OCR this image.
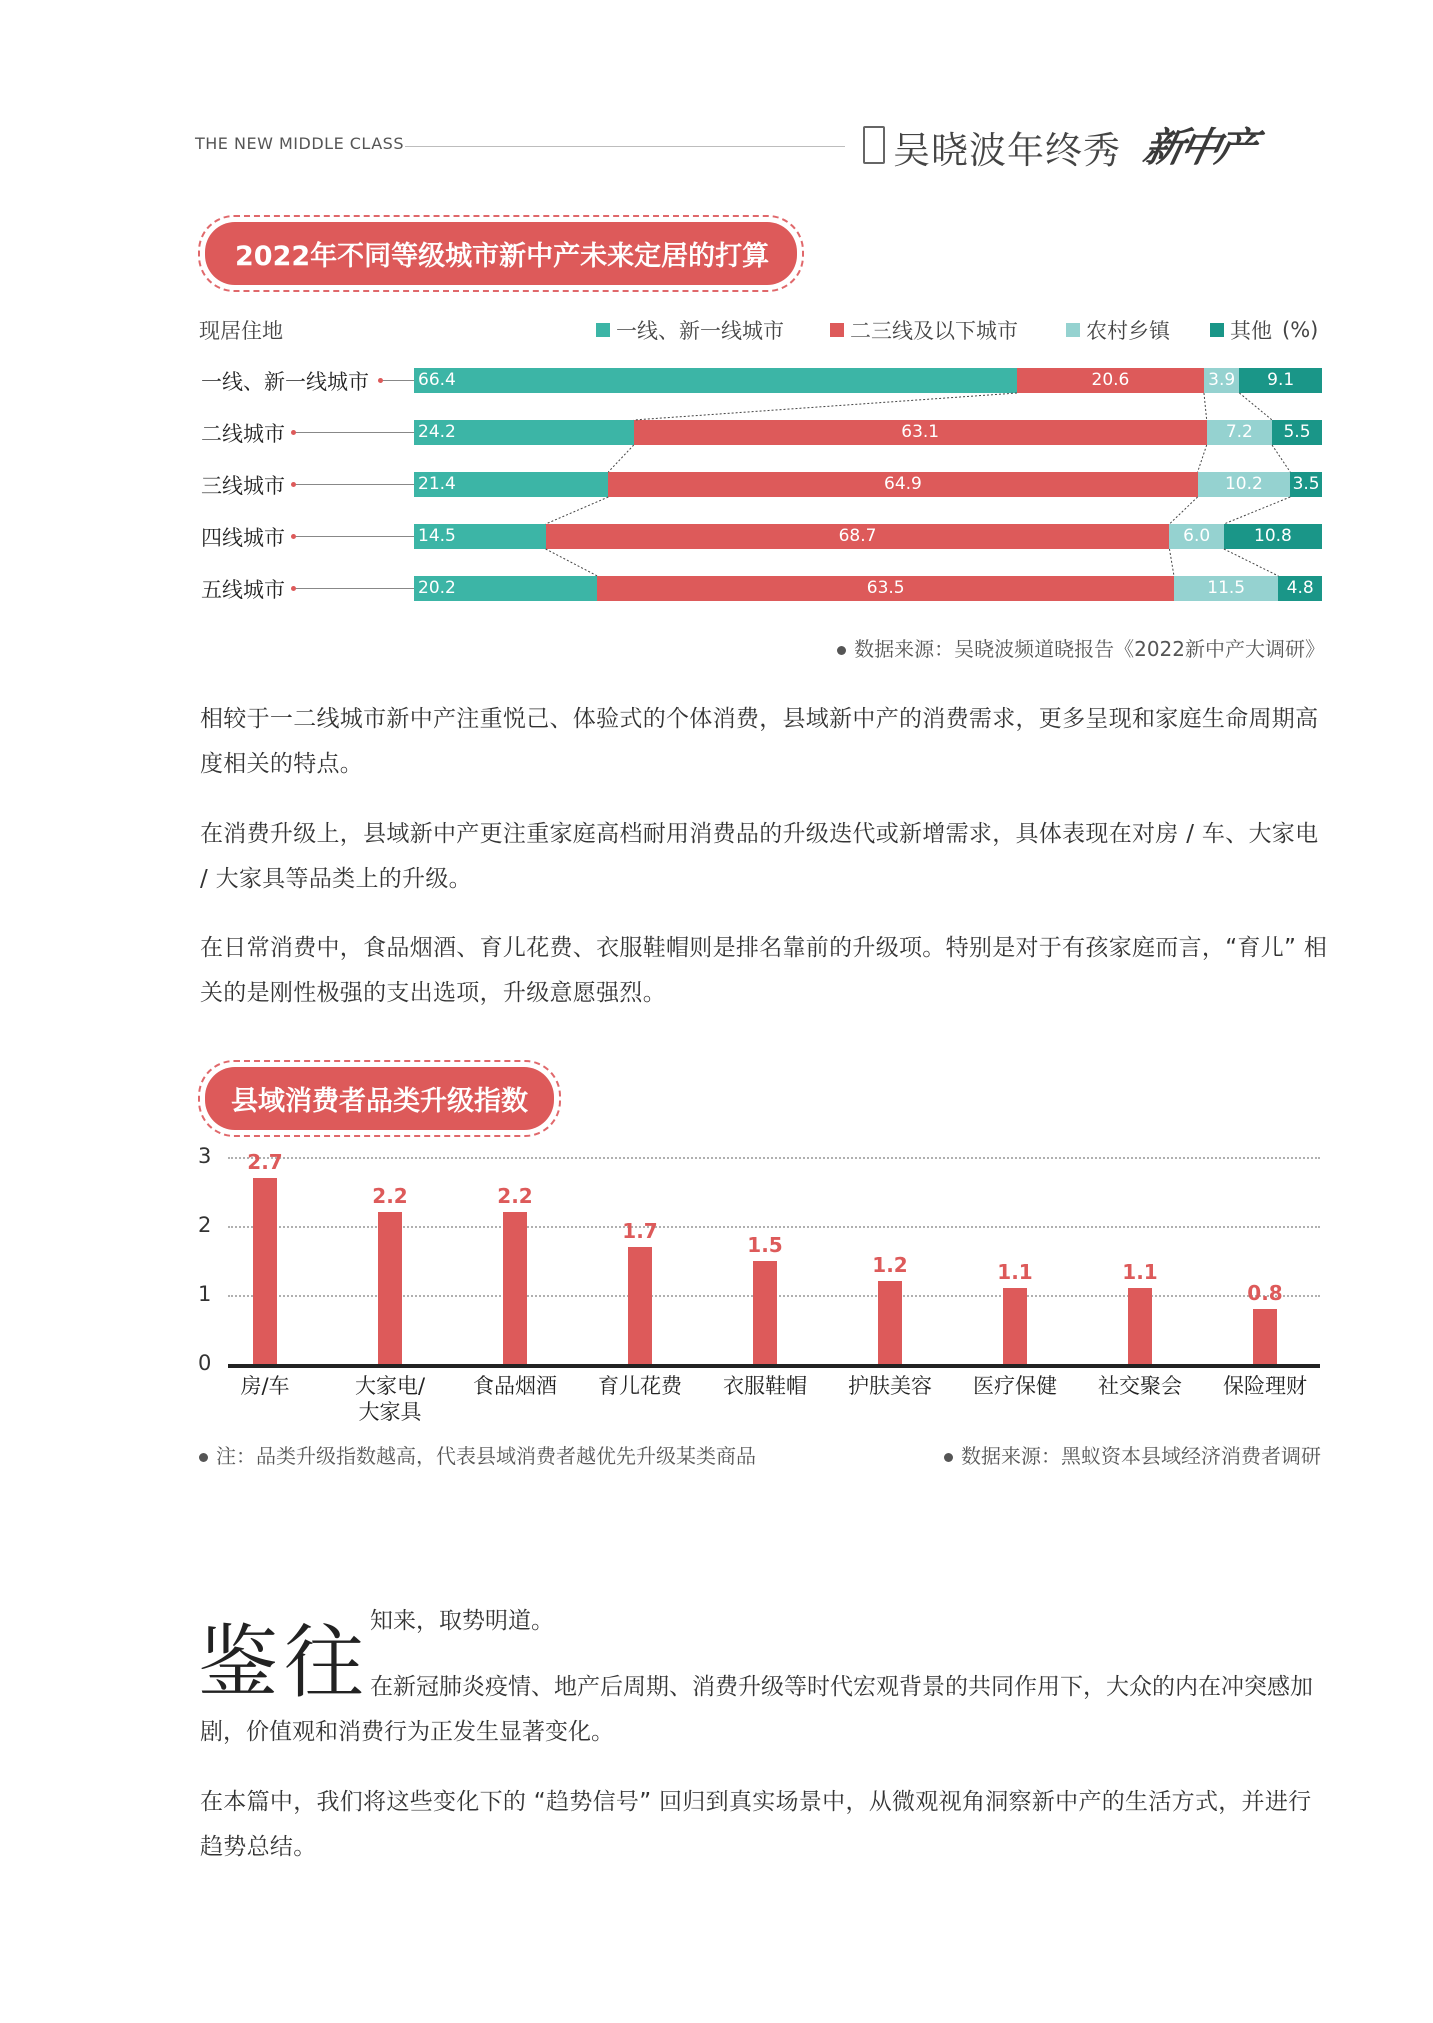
THE NEW MIDDLE CLASS	吴晓波年终秀 新中产
2022年不同等级城市新中产未来定居的打算
现居住地	一线、新一线城市	二三线及以下城市	农村乡镇	其他 (%)
一线、新一线城市	66.4	20.6	3.9	9.1
二线城市	24.2	63.1	7.2	5.5
三线城市	21.4	64.9	10.2	3.5
四线城市	14.5	68.7	6.0	10.8
五线城市	20.2	63.5	11.5	4.8
数据来源：吴晓波频道晓报告《2022新中产大调研》
相较于一二线城市新中产注重悦己、体验式的个体消费，县域新中产的消费需求，更多呈现和家庭生命周期高度相关的特点。
在消费升级上，县域新中产更注重家庭高档耐用消费品的升级迭代或新增需求，具体表现在对房 / 车、大家电 / 大家具等品类上的升级。
在日常消费中，食品烟酒、育儿花费、衣服鞋帽则是排名靠前的升级项。特别是对于有孩家庭而言，“育儿” 相关的是刚性极强的支出选项，升级意愿强烈。
县域消费者品类升级指数
0
1
2
3	2.7
房/车
2.2
大家电/
大家具
2.2
食品烟酒
1.7
育儿花费
1.5
衣服鞋帽
1.2
护肤美容
1.1
医疗保健
1.1
社交聚会
0.8
保险理财
注：品类升级指数越高，代表县域消费者越优先升级某类商品	数据来源：黑蚁资本县域经济消费者调研
鉴往 知来，取势明道。
在新冠肺炎疫情、地产后周期、消费升级等时代宏观背景的共同作用下，大众的内在冲突感加剧，价值观和消费行为正发生显著变化。
在本篇中，我们将这些变化下的 “趋势信号” 回归到真实场景中，从微观视角洞察新中产的生活方式，并进行趋势总结。
